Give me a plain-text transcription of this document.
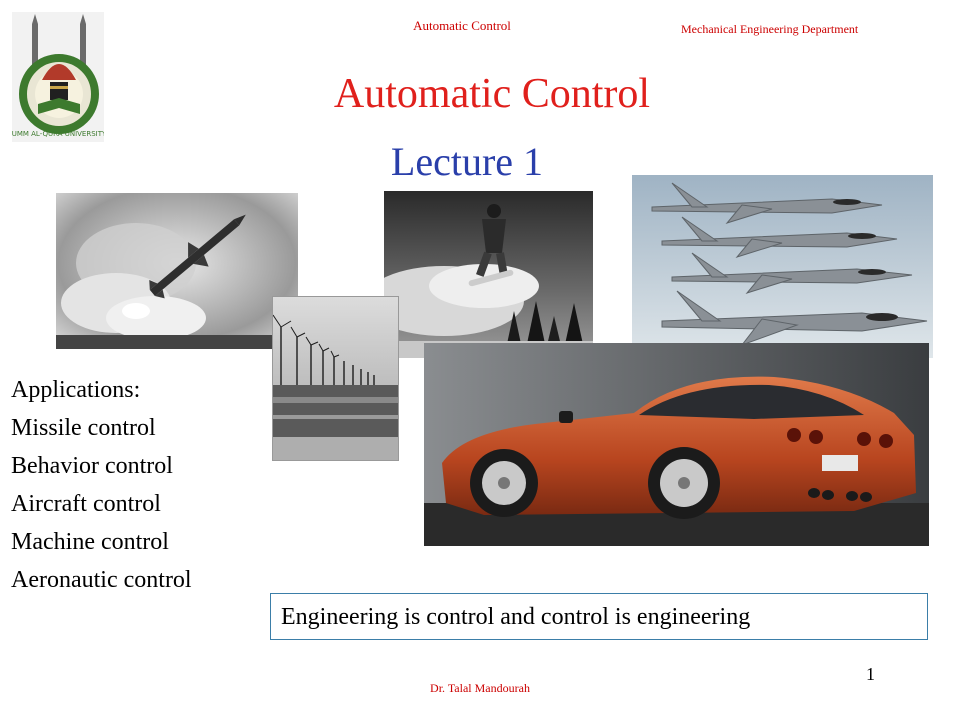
Automatic Control	Mechanical Engineering Department
UMM AL-QURA UNIVERSITY
Automatic Control
Lecture 1
Applications:
Missile control
Behavior control
Aircraft control
Machine control
Aeronautic control
Engineering is control and control is engineering
Dr. Talal Mandourah
1
